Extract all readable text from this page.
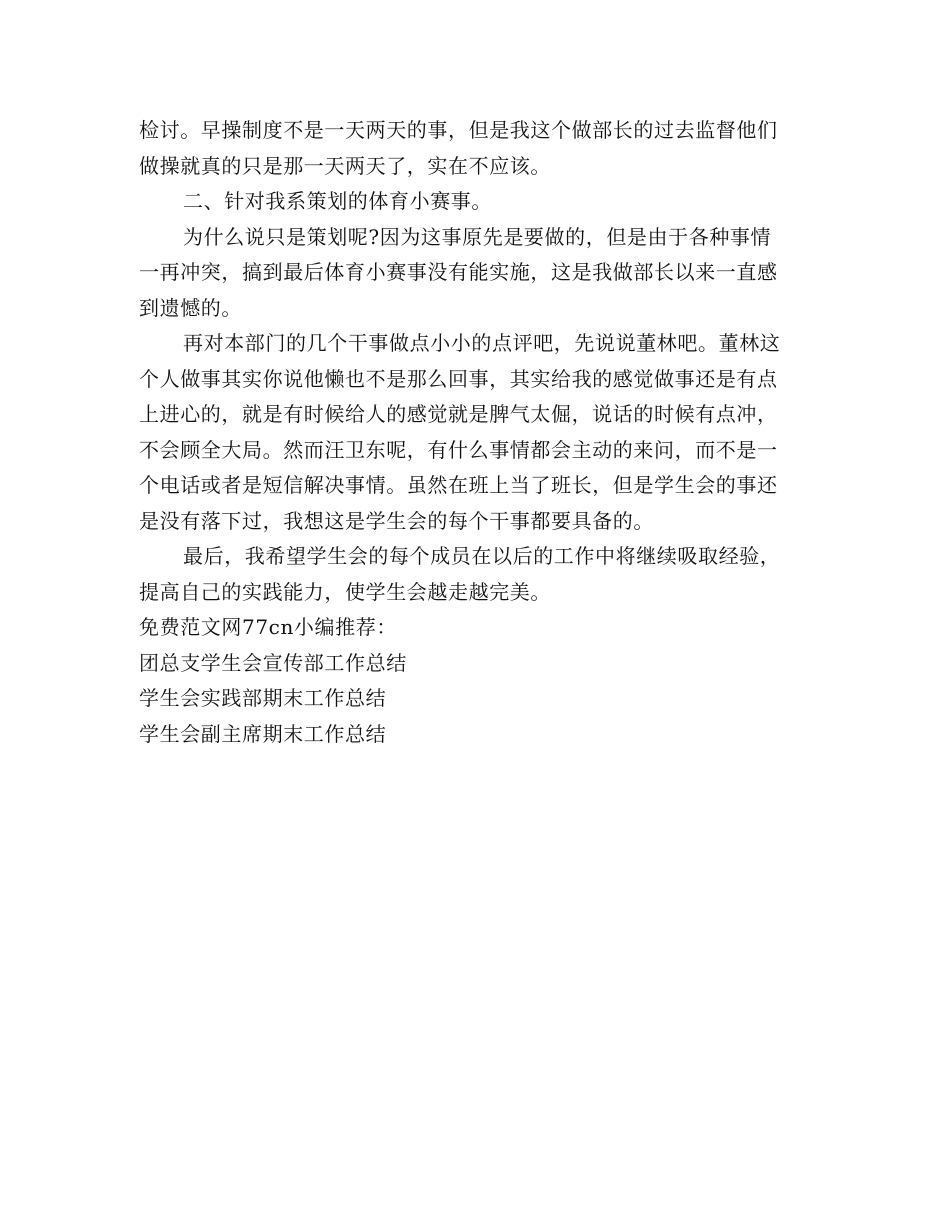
检讨。早操制度不是一天两天的事，但是我这个做部长的过去监督他们
做操就真的只是那一天两天了，实在不应该。
二、针对我系策划的体育小赛事。
为什么说只是策划呢?因为这事原先是要做的，但是由于各种事情
一再冲突，搞到最后体育小赛事没有能实施，这是我做部长以来一直感
到遗憾的。
再对本部门的几个干事做点小小的点评吧，先说说董林吧。董林这
个人做事其实你说他懒也不是那么回事，其实给我的感觉做事还是有点
上进心的，就是有时候给人的感觉就是脾气太倔，说话的时候有点冲，
不会顾全大局。然而汪卫东呢，有什么事情都会主动的来问，而不是一
个电话或者是短信解决事情。虽然在班上当了班长，但是学生会的事还
是没有落下过，我想这是学生会的每个干事都要具备的。
最后，我希望学生会的每个成员在以后的工作中将继续吸取经验，
提高自己的实践能力，使学生会越走越完美。
免费范文网77cn小编推荐：
团总支学生会宣传部工作总结
学生会实践部期末工作总结
学生会副主席期末工作总结
